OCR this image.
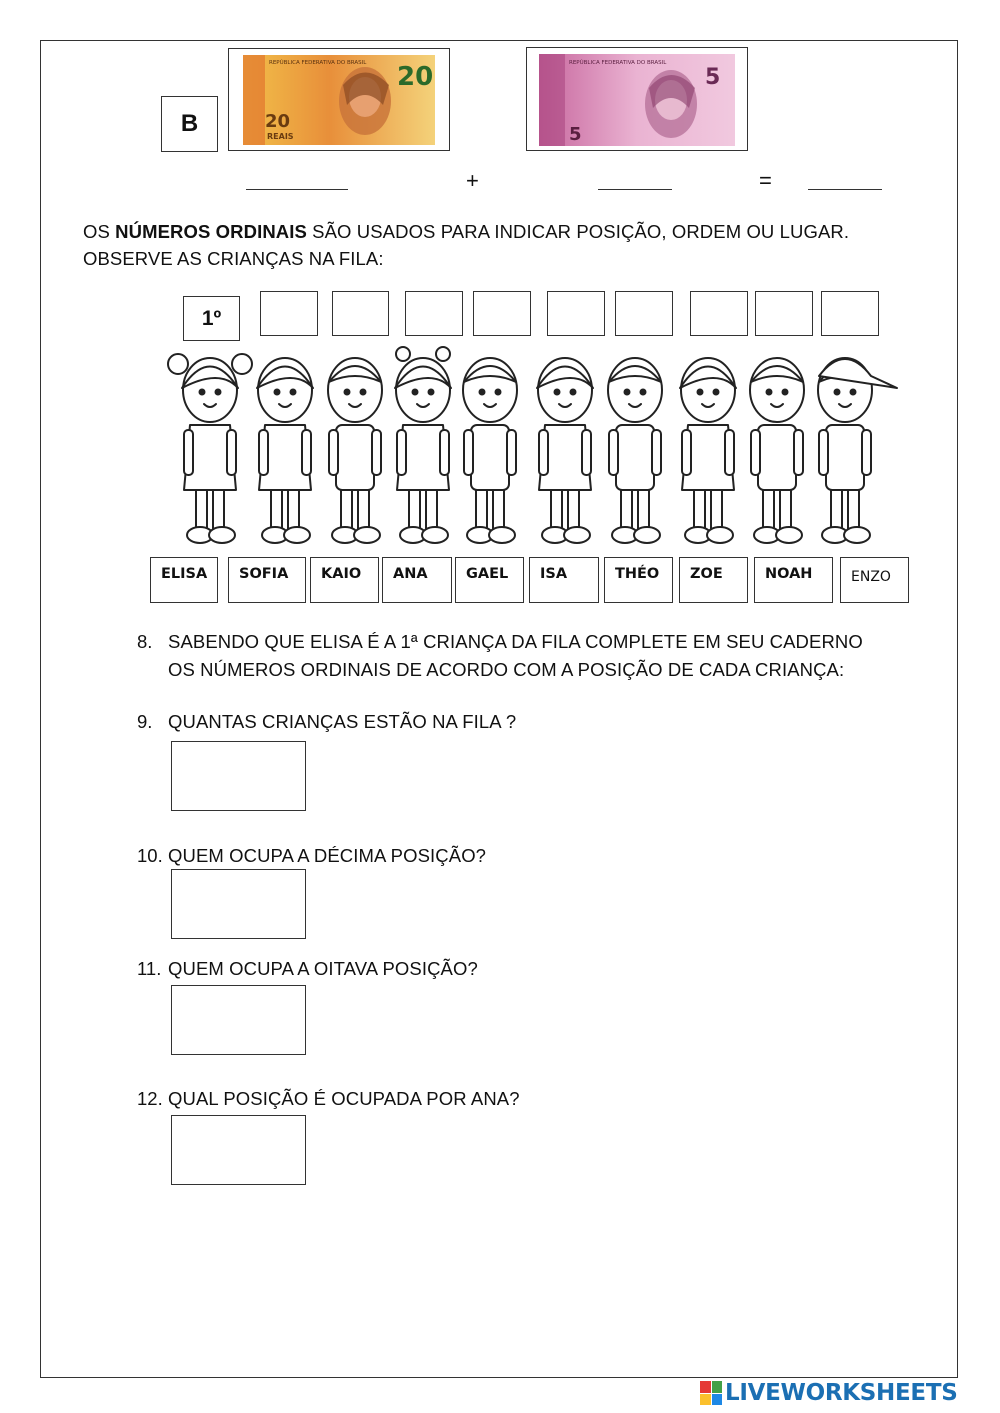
B
REPÚBLICA FEDERATIVA DO BRASIL 20
20
REAIS
REPÚBLICA FEDERATIVA DO BRASIL
5
5
+	=
OS NÚMEROS ORDINAIS SÃO USADOS PARA INDICAR POSIÇÃO, ORDEM OU LUGAR.
OBSERVE AS CRIANÇAS NA FILA:
1º
ELISA	SOFIA	KAIO	ANA	GAEL	ISA	THÉO	ZOE	NOAH	ENZO
8. SABENDO QUE ELISA É A 1ª CRIANÇA DA FILA COMPLETE EM SEU CADERNO
OS NÚMEROS ORDINAIS DE ACORDO COM A POSIÇÃO DE CADA CRIANÇA:
9. QUANTAS CRIANÇAS ESTÃO NA FILA ?
10. QUEM OCUPA A DÉCIMA POSIÇÃO?
11. QUEM OCUPA A OITAVA POSIÇÃO?
12. QUAL POSIÇÃO É OCUPADA POR ANA?
LIVEWORKSHEETS
